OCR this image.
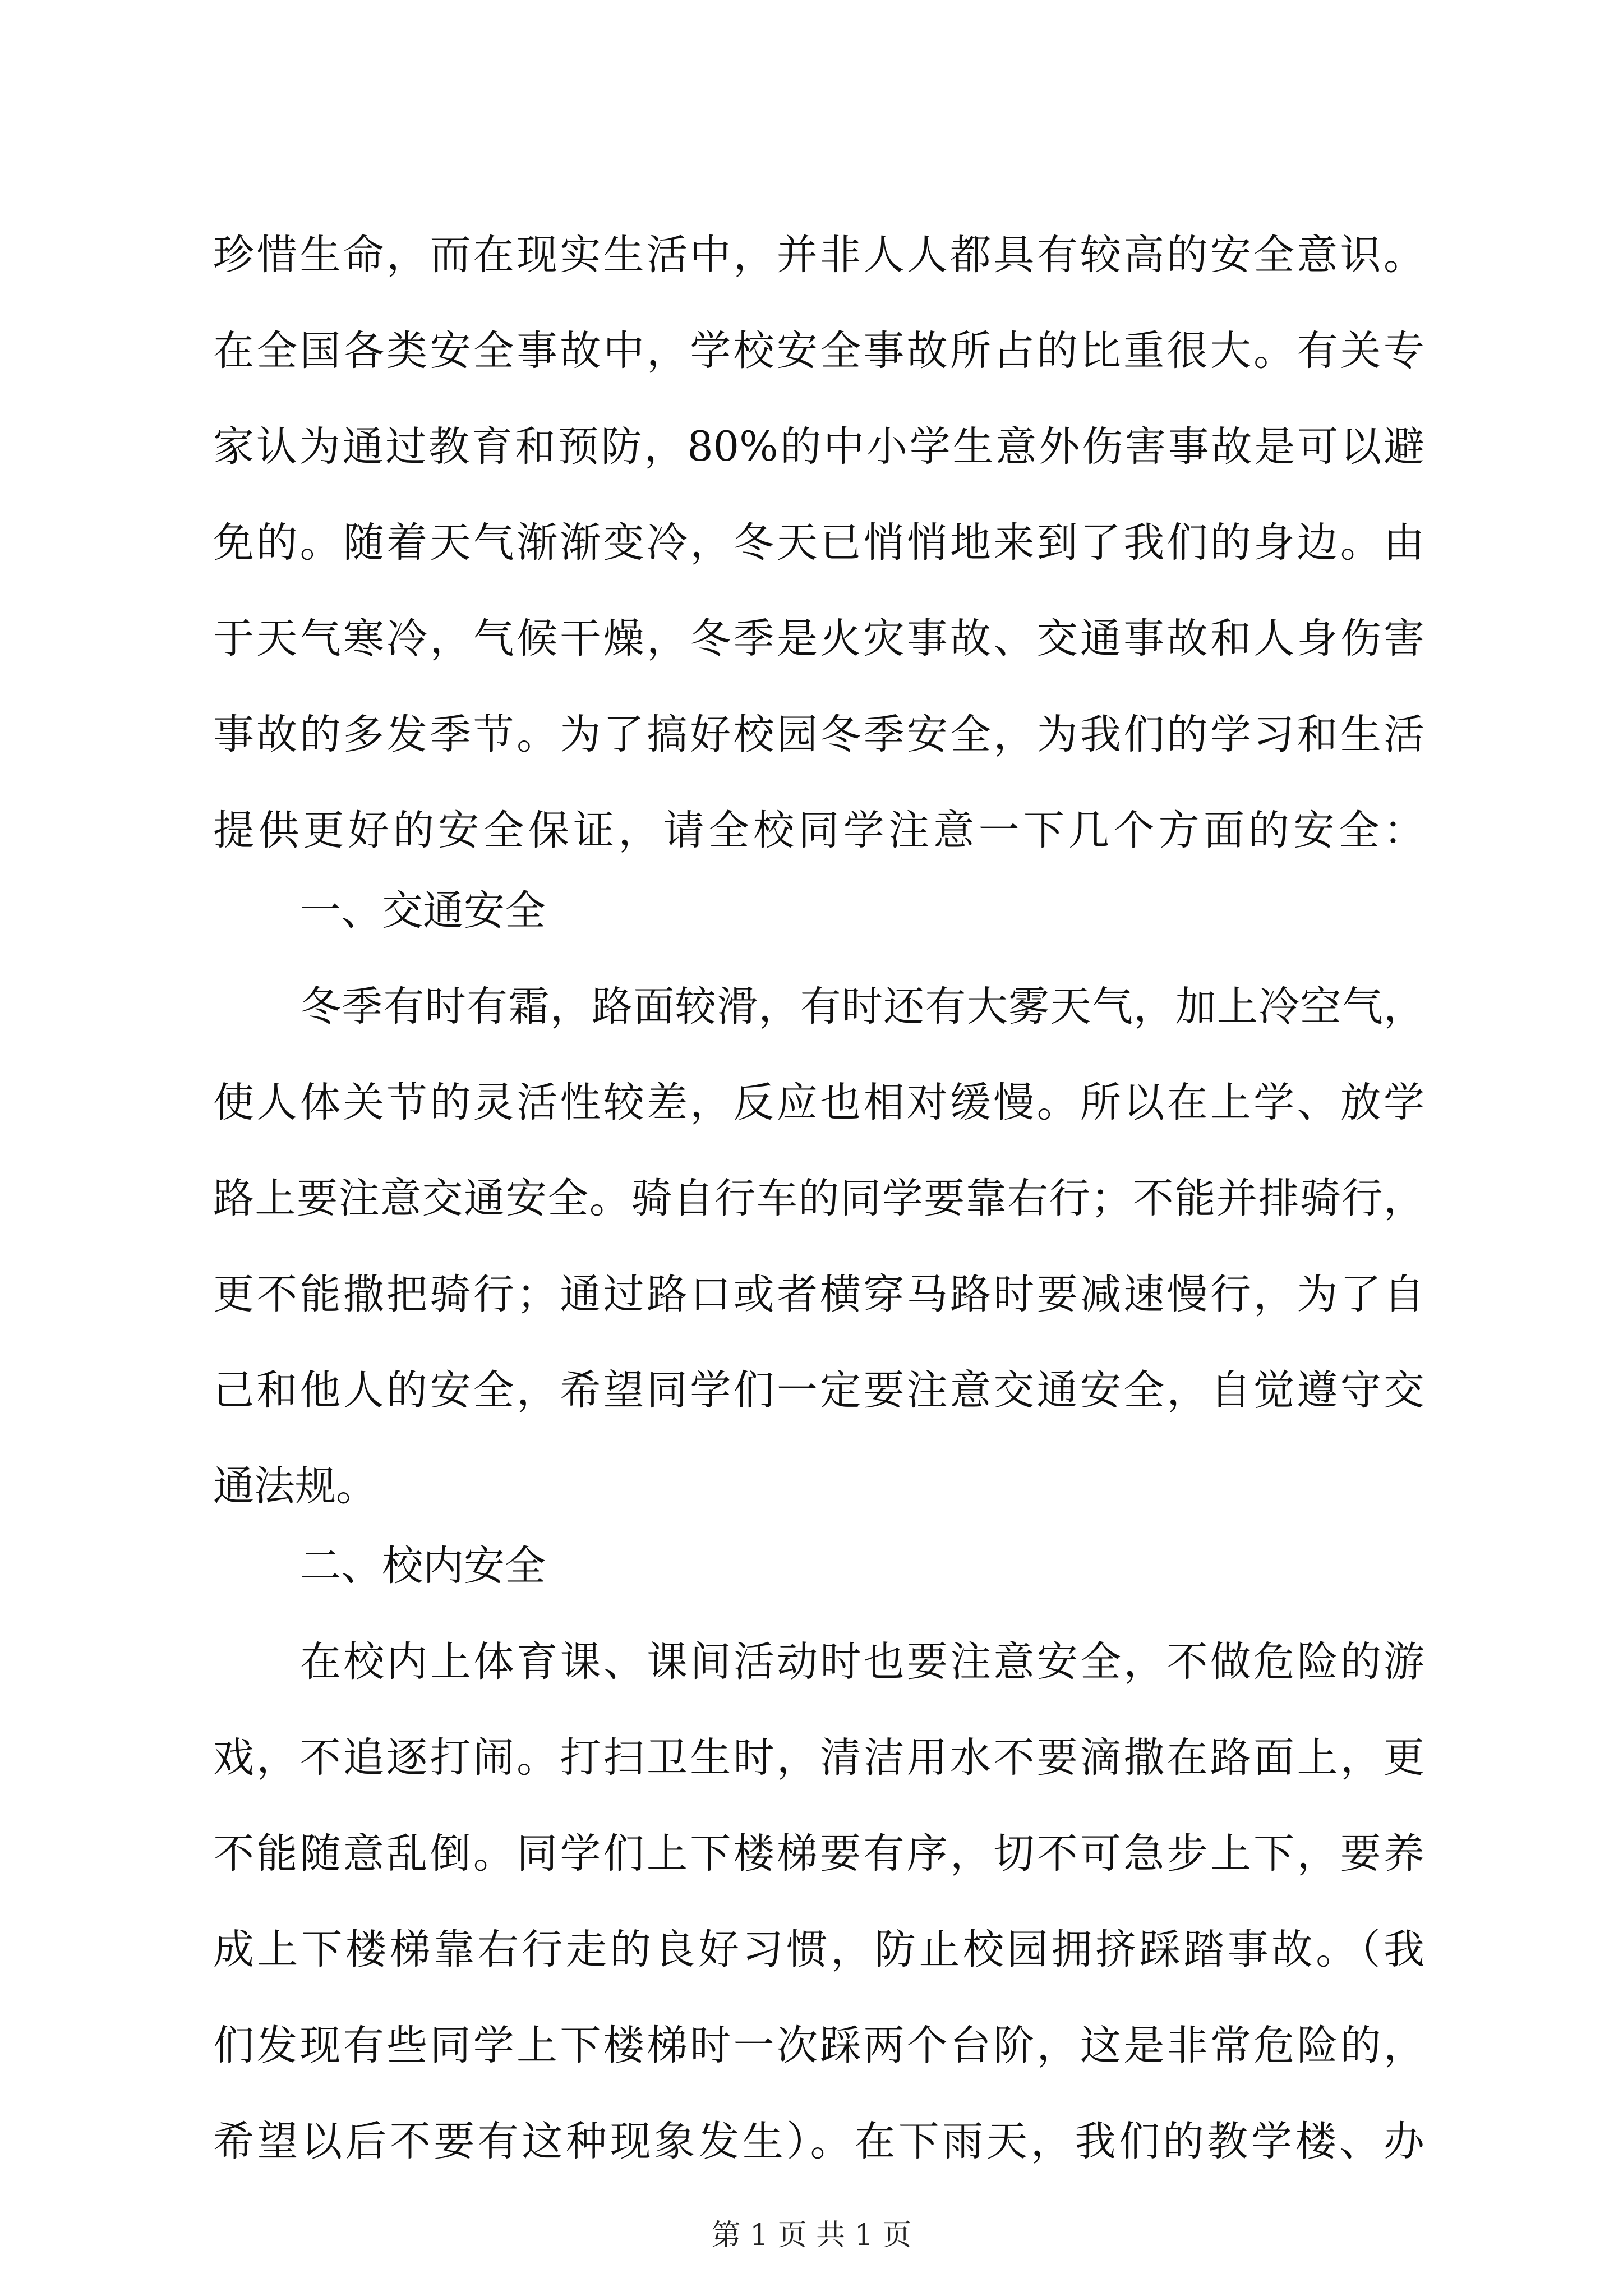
珍惜生命，而在现实生活中，并非人人都具有较高的安全意识。
在全国各类安全事故中，学校安全事故所占的比重很大。有关专
家认为通过教育和预防，80%的中小学生意外伤害事故是可以避
免的。随着天气渐渐变冷，冬天已悄悄地来到了我们的身边。由
于天气寒冷，气候干燥，冬季是火灾事故、交通事故和人身伤害
事故的多发季节。为了搞好校园冬季安全，为我们的学习和生活
提供更好的安全保证，请全校同学注意一下几个方面的安全：
一、交通安全
冬季有时有霜，路面较滑，有时还有大雾天气，加上冷空气，
使人体关节的灵活性较差，反应也相对缓慢。所以在上学、放学
路上要注意交通安全。骑自行车的同学要靠右行；不能并排骑行，
更不能撒把骑行；通过路口或者横穿马路时要减速慢行，为了自
己和他人的安全，希望同学们一定要注意交通安全，自觉遵守交
通法规。
二、校内安全
在校内上体育课、课间活动时也要注意安全，不做危险的游
戏，不追逐打闹。打扫卫生时，清洁用水不要滴撒在路面上，更
不能随意乱倒。同学们上下楼梯要有序，切不可急步上下，要养
成上下楼梯靠右行走的良好习惯，防止校园拥挤踩踏事故。（我
们发现有些同学上下楼梯时一次踩两个台阶，这是非常危险的，
希望以后不要有这种现象发生）。在下雨天，我们的教学楼、办
第 1 页 共 1 页
